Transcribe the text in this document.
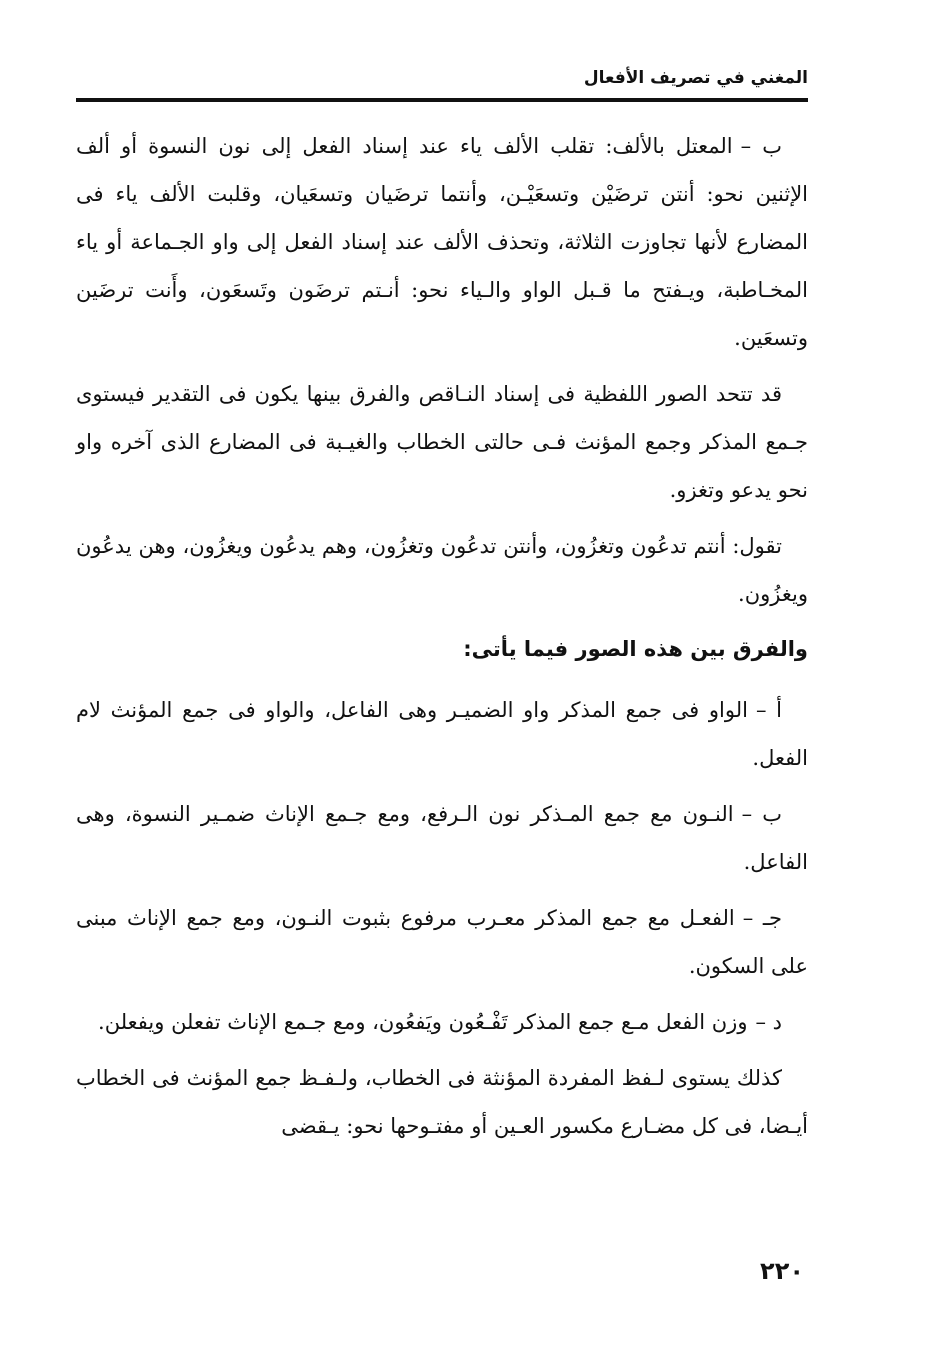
المغني في تصريف الأفعال

ب –المعتل بالألف: تقلب الألف ياء عند إسناد الفعل إلى نون النسوة أو ألف الإثنين نحو: أنتن ترضَيْن وتسعَيْـن، وأنتما ترضَيان وتسعَيان، وقلبت الألف ياء فى المضارع لأنها تجاوزت الثلاثة، وتحذف الألف عند إسناد الفعل إلى واو الجـماعة أو ياء المخـاطبة، ويـفتح ما قـبل الواو والـياء نحو: أنـتم ترضَون وتَسعَون، وأَنت ترضَين وتسعَين.

قد تتحد الصور اللفظية فى إسناد النـاقص والفرق بينها يكون فى التقدير فيستوى جـمع المذكر وجمع المؤنث فـى حالتى الخطاب والغيـبة فى المضارع الذى آخره واو نحو يدعو وتغزو.

تقول: أنتم تدعُون وتغزُون، وأنتن تدعُون وتغزُون، وهم يدعُون ويغزُون، وهن يدعُون ويغزُون.

والفرق بين هذه الصور فيما يأتى:

أ –الواو فى جمع المذكر واو الضميـر وهى الفاعل، والواو فى جمع المؤنث لام الفعل.

ب –النـون مع جمع المـذكر نون الـرفع، ومع جـمع الإناث ضمـير النسوة، وهى الفاعل.

جـ –الفعـل مع جمع المذكر معـرب مرفوع بثبوت النـون، ومع جمع الإناث مبنى على السكون.

د –وزن الفعل مـع جمع المذكر تَفْـعُون ويَفعُون، ومع جـمع الإناث تفعلن ويفعلن.

كذلك يستوى لـفظ المفردة المؤنثة فى الخطاب، ولـفـظ جمع المؤنث فى الخطاب أيـضا، فى كل مضـارع مكسور العـين أو مفتـوحها نحو: يـقضى

٢٢٠
